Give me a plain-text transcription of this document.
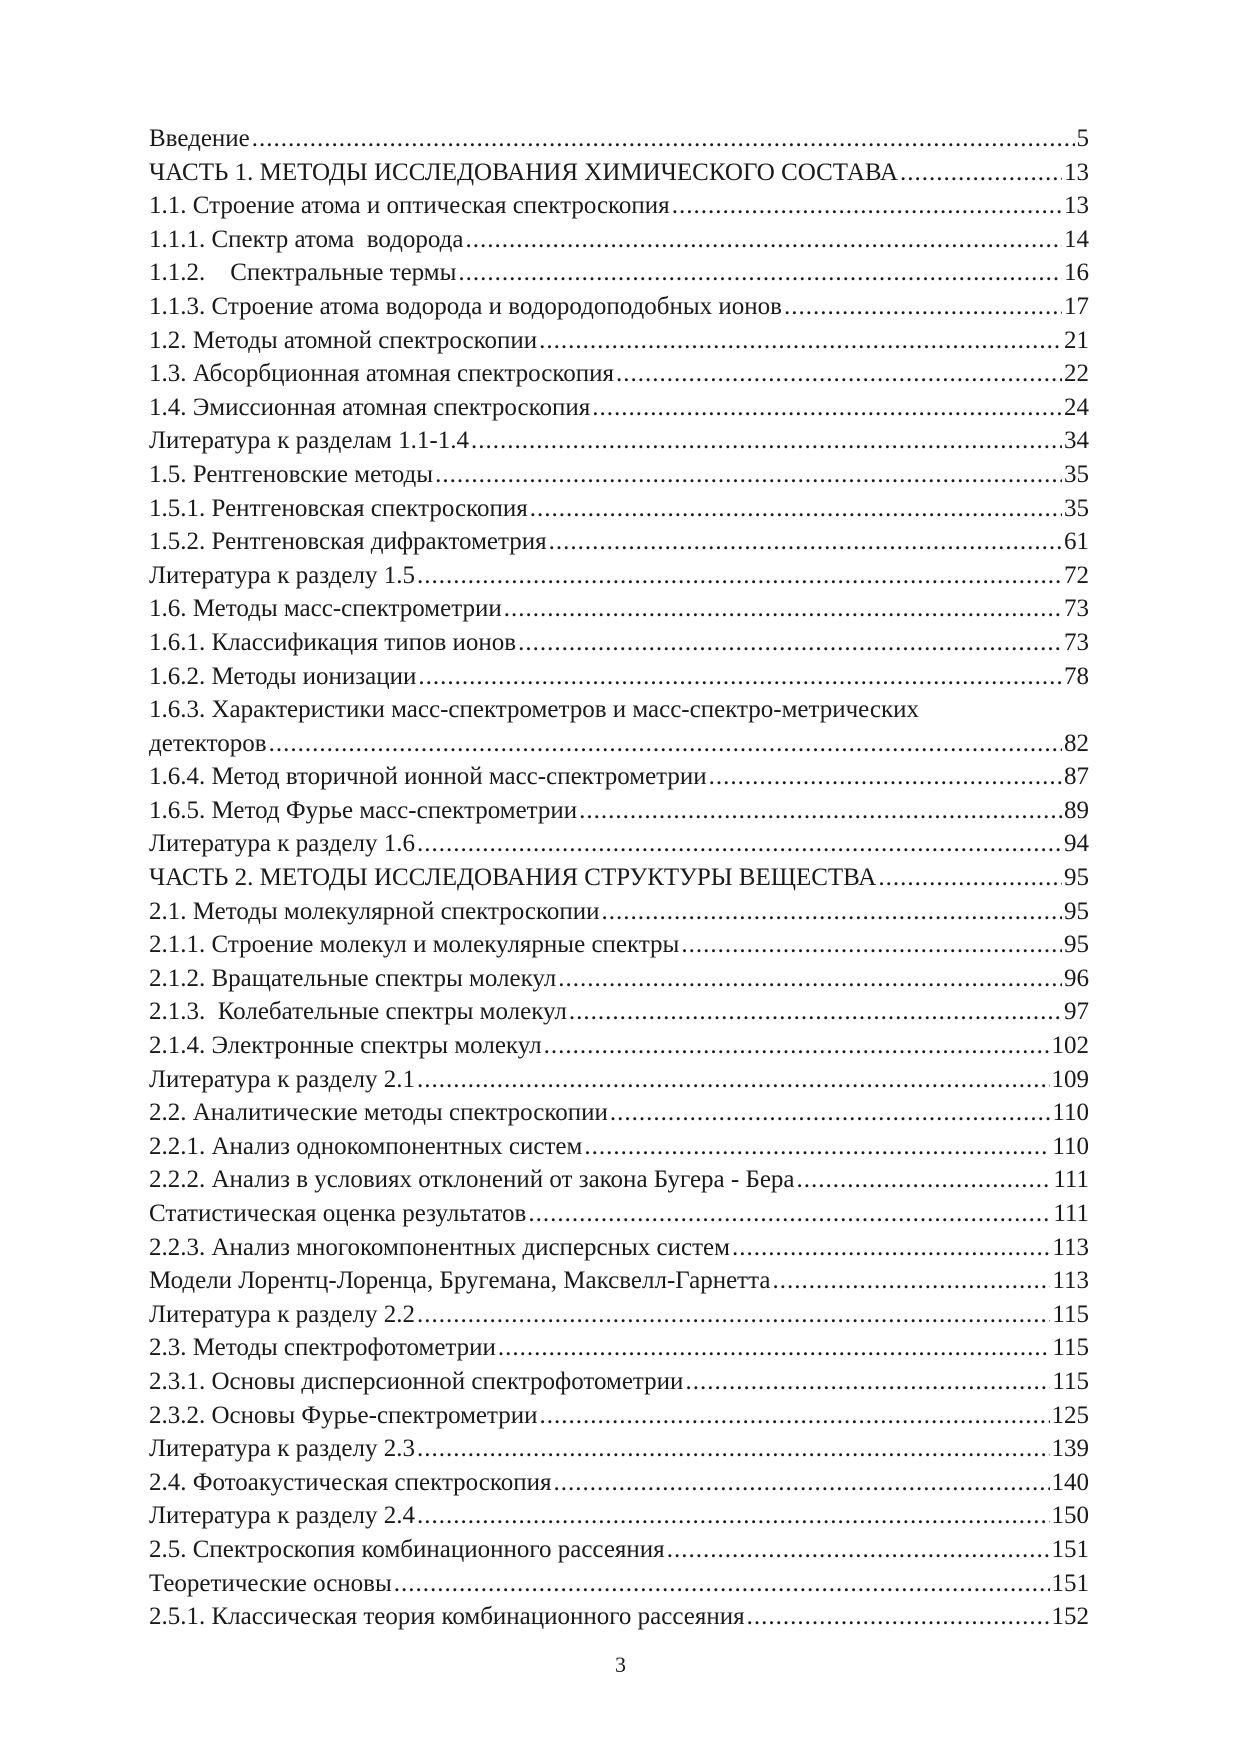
Введение .....	5
ЧАСТЬ 1. МЕТОДЫ ИССЛЕДОВАНИЯ ХИМИЧЕСКОГО СОСТАВА .....	13
1.1. Строение атома и оптическая спектроскопия .....	13
1.1.1. Спектр атома  водорода .....	14
1.1.2.    Спектральные термы .....	16
1.1.3. Строение атома водорода и водородоподобных ионов .....	17
1.2. Методы атомной спектроскопии .....	21
1.3. Абсорбционная атомная спектроскопия .....	22
1.4. Эмиссионная атомная спектроскопия .....	24
Литература к разделам 1.1-1.4 .....	34
1.5. Рентгеновские методы .....	35
1.5.1. Рентгеновская спектроскопия .....	35
1.5.2. Рентгеновская дифрактометрия .....	61
Литература к разделу 1.5 .....	72
1.6. Методы масс-спектрометрии .....	73
1.6.1. Классификация типов ионов .....	73
1.6.2. Методы ионизации .....	78
1.6.3. Характеристики масс-спектрометров и масс-спектро-метрических
детекторов .....	82
1.6.4. Метод вторичной ионной масс-спектрометрии .....	87
1.6.5. Метод Фурье масс-спектрометрии .....	89
Литература к разделу 1.6 .....	94
ЧАСТЬ 2. МЕТОДЫ ИССЛЕДОВАНИЯ СТРУКТУРЫ ВЕЩЕСТВА .....	95
2.1. Методы молекулярной спектроскопии .....	95
2.1.1. Строение молекул и молекулярные спектры .....	95
2.1.2. Вращательные спектры молекул .....	96
2.1.3.  Колебательные спектры молекул .....	97
2.1.4. Электронные спектры молекул .....	102
Литература к разделу 2.1 .....	109
2.2. Аналитические методы спектроскопии .....	110
2.2.1. Анализ однокомпонентных систем .....	110
2.2.2. Анализ в условиях отклонений от закона Бугера - Бера .....	111
Статистическая оценка результатов .....	111
2.2.3. Анализ многокомпонентных дисперсных систем .....	113
Модели Лорентц-Лоренца, Бругемана, Максвелл-Гарнетта .....	113
Литература к разделу 2.2 .....	115
2.3. Методы спектрофотометрии .....	115
2.3.1. Основы дисперсионной спектрофотометрии .....	115
2.3.2. Основы Фурье-спектрометрии .....	125
Литература к разделу 2.3 .....	139
2.4. Фотоакустическая спектроскопия .....	140
Литература к разделу 2.4 .....	150
2.5. Спектроскопия комбинационного рассеяния .....	151
Теоретические основы .....	151
2.5.1. Классическая теория комбинационного рассеяния .....	152
3
